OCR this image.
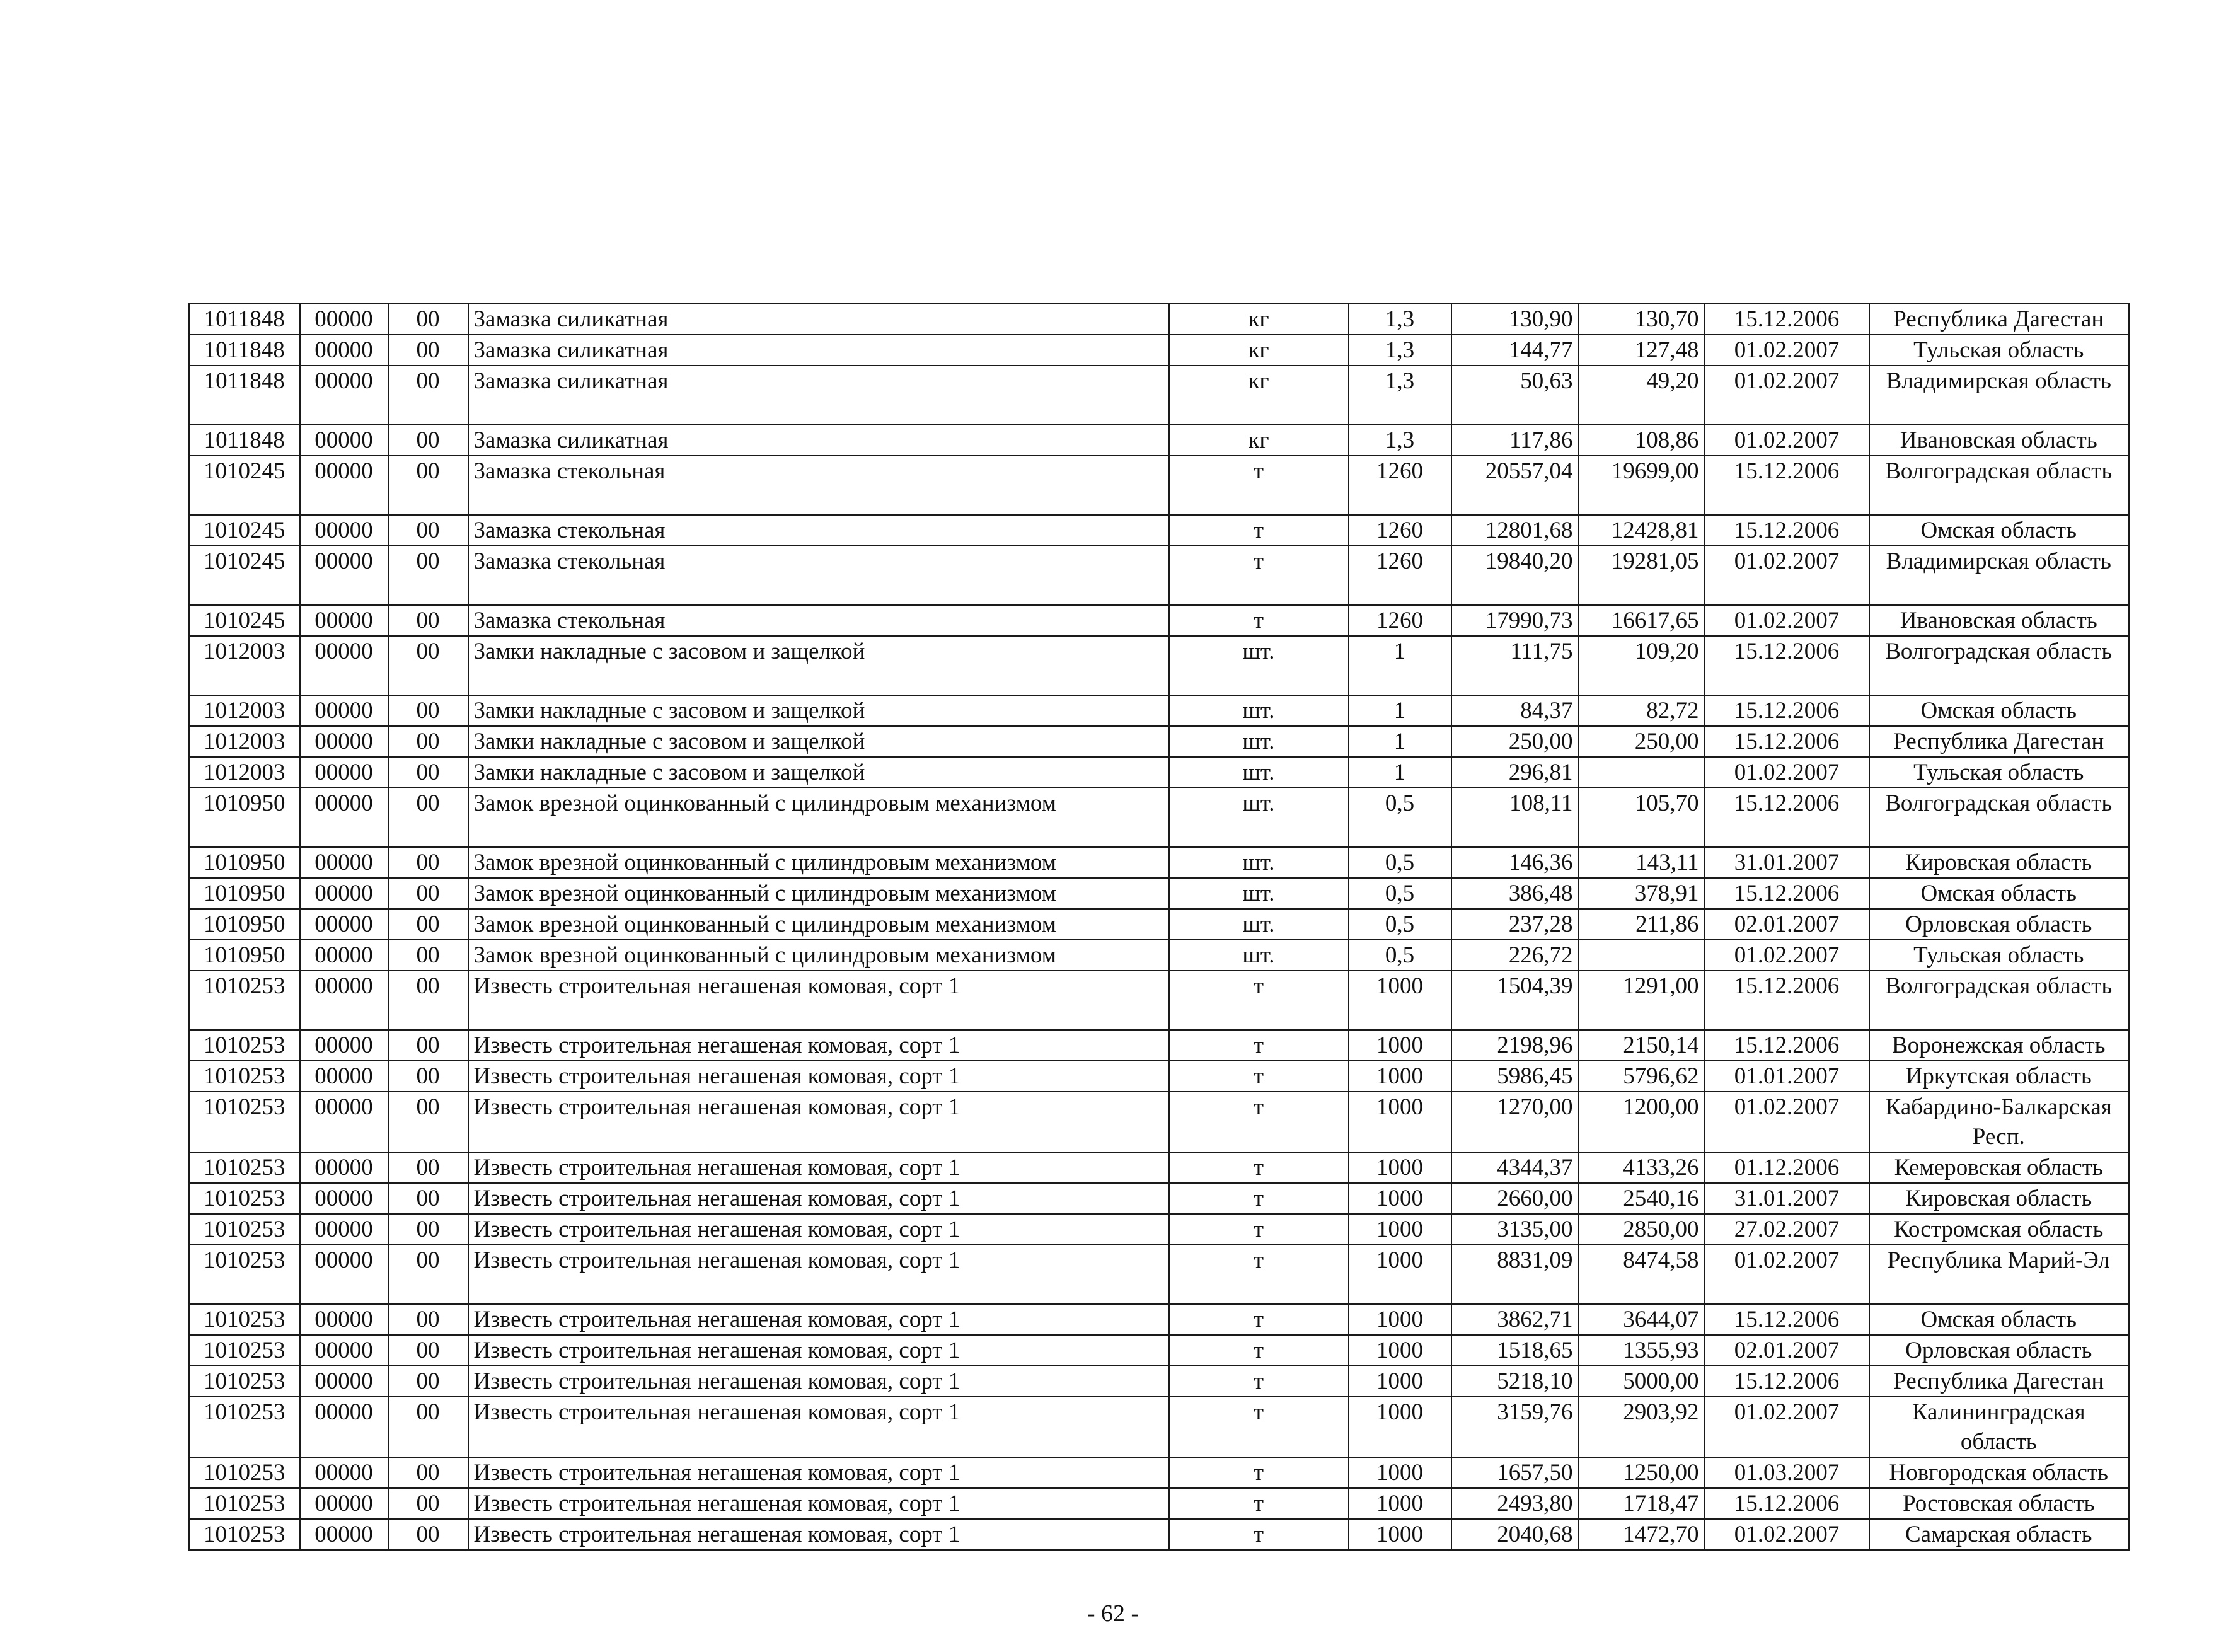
1011848	00000	00	Замазка силикатная	кг	1,3	130,90	130,70	15.12.2006	Республика Дагестан
1011848	00000	00	Замазка силикатная	кг	1,3	144,77	127,48	01.02.2007	Тульская область
1011848	00000	00	Замазка силикатная	кг	1,3	50,63	49,20	01.02.2007	Владимирская область
1011848	00000	00	Замазка силикатная	кг	1,3	117,86	108,86	01.02.2007	Ивановская область
1010245	00000	00	Замазка стекольная	т	1260	20557,04	19699,00	15.12.2006	Волгоградская область
1010245	00000	00	Замазка стекольная	т	1260	12801,68	12428,81	15.12.2006	Омская область
1010245	00000	00	Замазка стекольная	т	1260	19840,20	19281,05	01.02.2007	Владимирская область
1010245	00000	00	Замазка стекольная	т	1260	17990,73	16617,65	01.02.2007	Ивановская область
1012003	00000	00	Замки накладные с засовом и защелкой	шт.	1	111,75	109,20	15.12.2006	Волгоградская область
1012003	00000	00	Замки накладные с засовом и защелкой	шт.	1	84,37	82,72	15.12.2006	Омская область
1012003	00000	00	Замки накладные с засовом и защелкой	шт.	1	250,00	250,00	15.12.2006	Республика Дагестан
1012003	00000	00	Замки накладные с засовом и защелкой	шт.	1	296,81		01.02.2007	Тульская область
1010950	00000	00	Замок врезной оцинкованный с цилиндровым механизмом	шт.	0,5	108,11	105,70	15.12.2006	Волгоградская область
1010950	00000	00	Замок врезной оцинкованный с цилиндровым механизмом	шт.	0,5	146,36	143,11	31.01.2007	Кировская область
1010950	00000	00	Замок врезной оцинкованный с цилиндровым механизмом	шт.	0,5	386,48	378,91	15.12.2006	Омская область
1010950	00000	00	Замок врезной оцинкованный с цилиндровым механизмом	шт.	0,5	237,28	211,86	02.01.2007	Орловская область
1010950	00000	00	Замок врезной оцинкованный с цилиндровым механизмом	шт.	0,5	226,72		01.02.2007	Тульская область
1010253	00000	00	Известь строительная негашеная комовая, сорт 1	т	1000	1504,39	1291,00	15.12.2006	Волгоградская область
1010253	00000	00	Известь строительная негашеная комовая, сорт 1	т	1000	2198,96	2150,14	15.12.2006	Воронежская область
1010253	00000	00	Известь строительная негашеная комовая, сорт 1	т	1000	5986,45	5796,62	01.01.2007	Иркутская область
1010253	00000	00	Известь строительная негашеная комовая, сорт 1	т	1000	1270,00	1200,00	01.02.2007	Кабардино-Балкарская Респ.
1010253	00000	00	Известь строительная негашеная комовая, сорт 1	т	1000	4344,37	4133,26	01.12.2006	Кемеровская область
1010253	00000	00	Известь строительная негашеная комовая, сорт 1	т	1000	2660,00	2540,16	31.01.2007	Кировская область
1010253	00000	00	Известь строительная негашеная комовая, сорт 1	т	1000	3135,00	2850,00	27.02.2007	Костромская область
1010253	00000	00	Известь строительная негашеная комовая, сорт 1	т	1000	8831,09	8474,58	01.02.2007	Республика Марий-Эл
1010253	00000	00	Известь строительная негашеная комовая, сорт 1	т	1000	3862,71	3644,07	15.12.2006	Омская область
1010253	00000	00	Известь строительная негашеная комовая, сорт 1	т	1000	1518,65	1355,93	02.01.2007	Орловская область
1010253	00000	00	Известь строительная негашеная комовая, сорт 1	т	1000	5218,10	5000,00	15.12.2006	Республика Дагестан
1010253	00000	00	Известь строительная негашеная комовая, сорт 1	т	1000	3159,76	2903,92	01.02.2007	Калининградская область
1010253	00000	00	Известь строительная негашеная комовая, сорт 1	т	1000	1657,50	1250,00	01.03.2007	Новгородская область
1010253	00000	00	Известь строительная негашеная комовая, сорт 1	т	1000	2493,80	1718,47	15.12.2006	Ростовская область
1010253	00000	00	Известь строительная негашеная комовая, сорт 1	т	1000	2040,68	1472,70	01.02.2007	Самарская область
- 62 -
